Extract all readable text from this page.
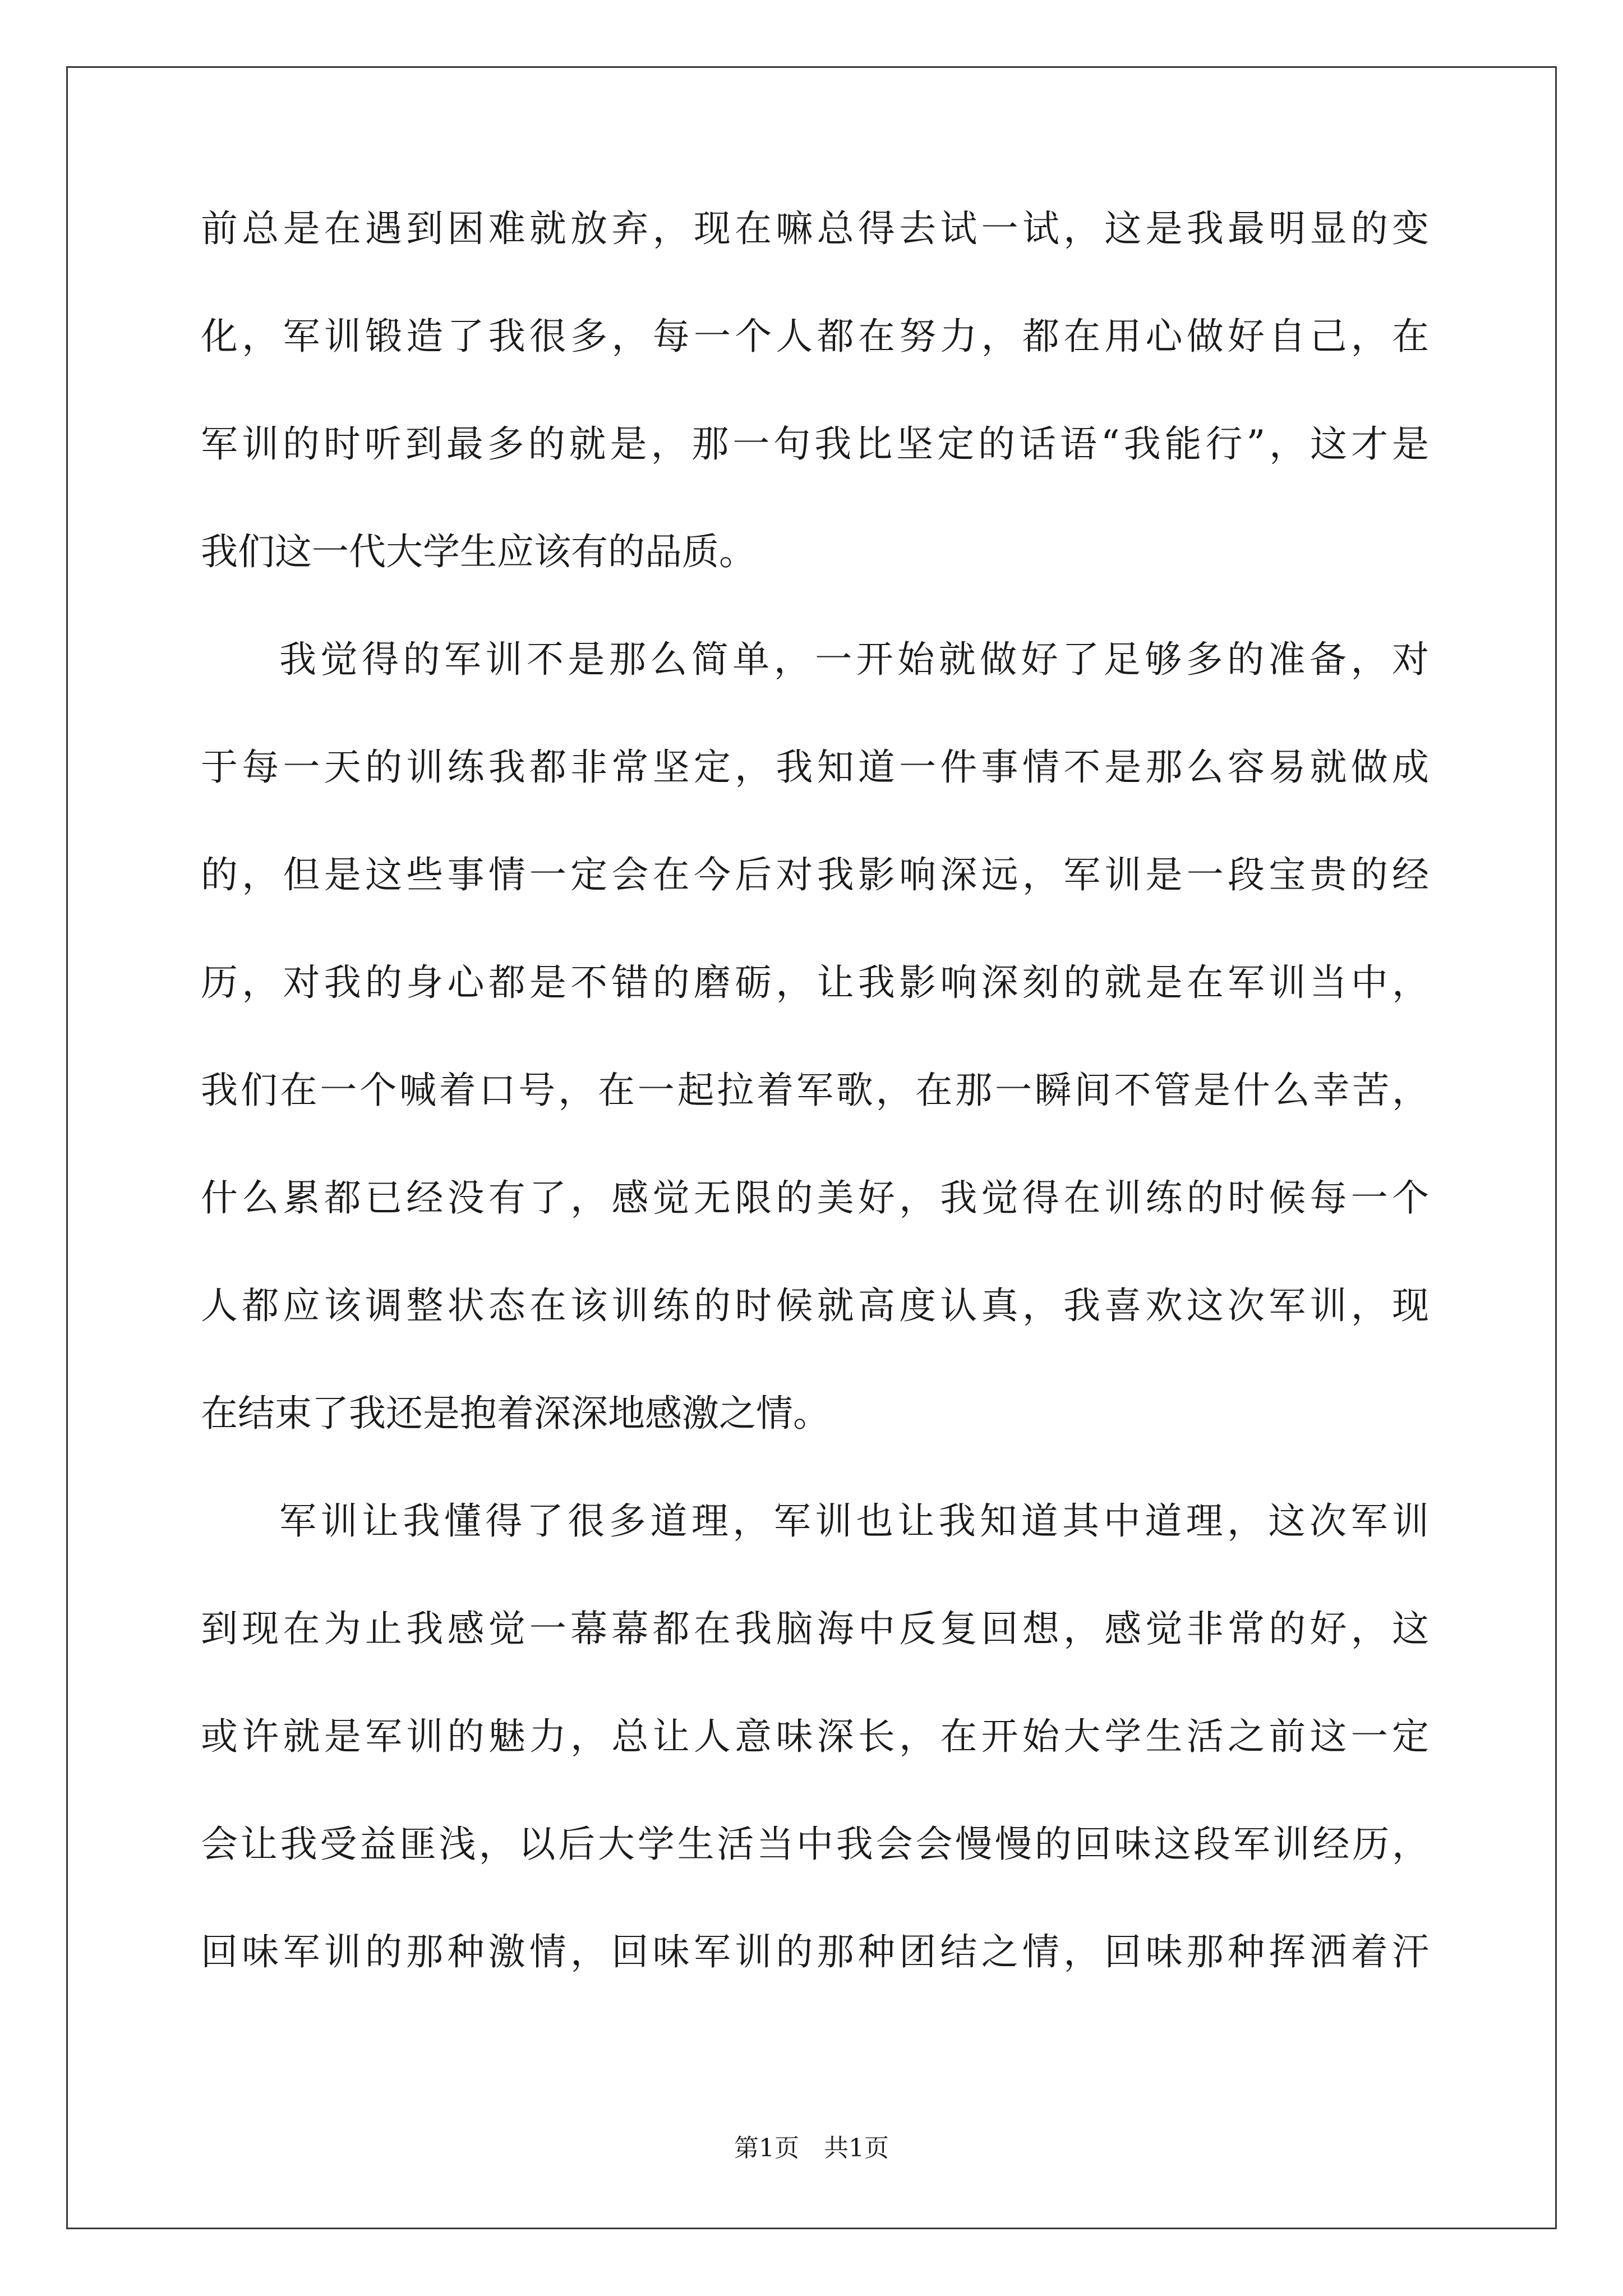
前总是在遇到困难就放弃，现在嘛总得去试一试，这是我最明显的变
化，军训锻造了我很多，每一个人都在努力，都在用心做好自己，在
军训的时听到最多的就是，那一句我比坚定的话语“我能行”，这才是
我们这一代大学生应该有的品质。
我觉得的军训不是那么简单，一开始就做好了足够多的准备，对
于每一天的训练我都非常坚定，我知道一件事情不是那么容易就做成
的，但是这些事情一定会在今后对我影响深远，军训是一段宝贵的经
历，对我的身心都是不错的磨砺，让我影响深刻的就是在军训当中，
我们在一个喊着口号，在一起拉着军歌，在那一瞬间不管是什么幸苦，
什么累都已经没有了，感觉无限的美好，我觉得在训练的时候每一个
人都应该调整状态在该训练的时候就高度认真，我喜欢这次军训，现
在结束了我还是抱着深深地感激之情。
军训让我懂得了很多道理，军训也让我知道其中道理，这次军训
到现在为止我感觉一幕幕都在我脑海中反复回想，感觉非常的好，这
或许就是军训的魅力，总让人意味深长，在开始大学生活之前这一定
会让我受益匪浅，以后大学生活当中我会会慢慢的回味这段军训经历，
回味军训的那种激情，回味军训的那种团结之情，回味那种挥洒着汗
第1页　共1页
